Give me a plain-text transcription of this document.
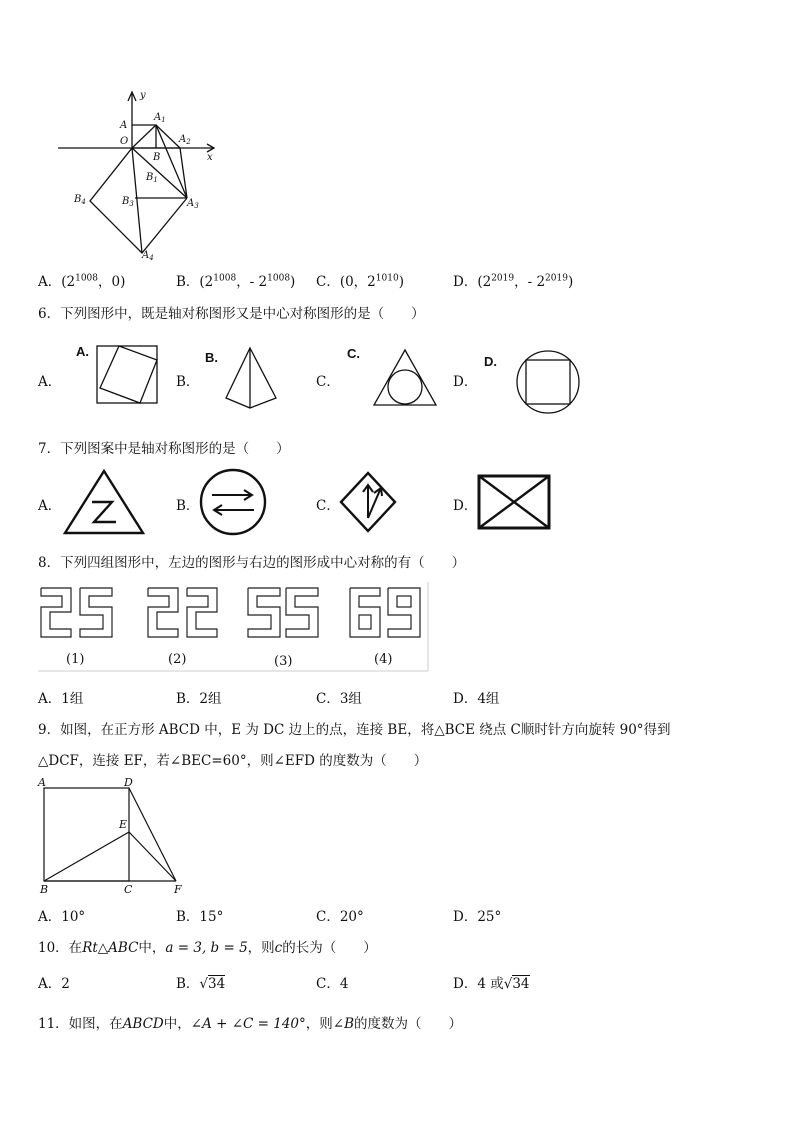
y
x
O
A
$A_1$
$A_2$
B
$B_1$
$B_3$
$B_4$	$A_3$
$A_4$
A．($2^{1008}$，0)	B．($2^{1008}$，- $2^{1008}$) C．(0，$2^{1010}$)	D．($2^{2019}$，- $2^{2019}$)
6．下列图形中，既是轴对称图形又是中心对称图形的是（　　）
A．	B．	C．	D．
A.	B.	C.
D.
7．下列图案中是轴对称图形的是（　　）
A．	B．	C．	D．
8．下列四组图形中，左边的图形与右边的图形成中心对称的有（　　）
(1)	(2)	(3)	(4)
A．1组	B．2组	C．3组	D．4组
9．如图，在正方形 ABCD 中，E 为 DC 边上的点，连接 BE，将△BCE 绕点 C顺时针方向旋转 90°得到
△DCF，连接 EF，若∠BEC=60°，则∠EFD 的度数为（　　）
A	D
E
B	C	F
A．10°	B．15°	C．20°	D．25°
10．在Rt△ABC中，a = 3, b = 5，则c的长为（　　）
A．2	B．√34	C．4	D．4 或√34
11．如图，在ABCD中，∠A + ∠C = 140°，则∠B的度数为（　　）
